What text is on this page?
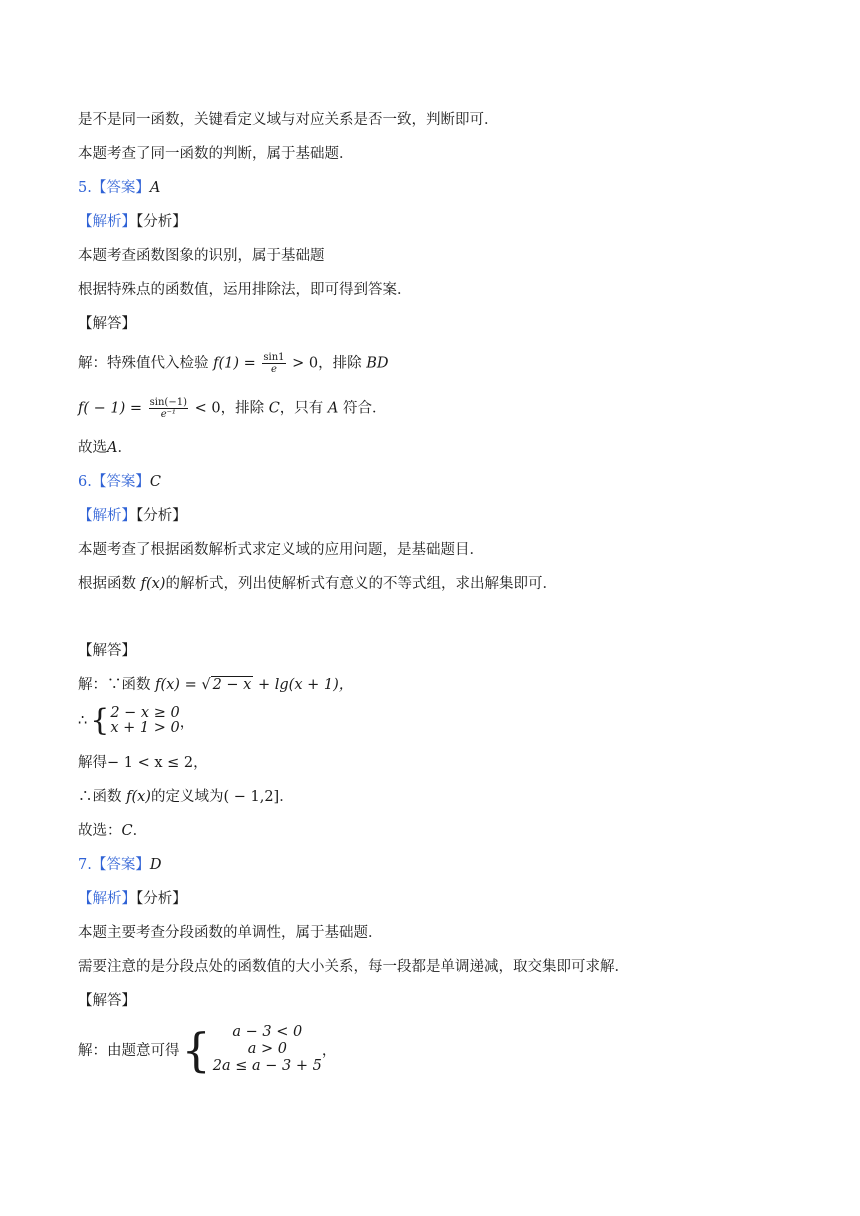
是不是同一函数，关键看定义域与对应关系是否一致，判断即可．
本题考查了同一函数的判断，属于基础题．
5.【答案】A
【解析】【分析】
本题考查函数图象的识别，属于基础题
根据特殊点的函数值，运用排除法，即可得到答案．
【解答】
解：特殊值代入检验 $f(1) = \frac{\sin 1}{e} > 0$，排除 BD
$f( - 1) = \frac{\sin(-1)}{\text{e⁻¹}} < 0$，排除 C，只有 A 符合．
故选A．
6.【答案】C
【解析】【分析】
本题考查了根据函数解析式求定义域的应用问题，是基础题目．
根据函数 f(x)的解析式，列出使解析式有意义的不等式组，求出解集即可．
【解答】
解：∵函数 f(x) = √ 2 − x + lg(x + 1)，
∴ { 2 − x ≥ 0
x + 1 > 0 ，
解得− 1 < x ≤ 2，
∴函数 f(x)的定义域为( − 1,2]．
故选：C．
7.【答案】D
【解析】【分析】
本题主要考查分段函数的单调性，属于基础题．
需要注意的是分段点处的函数值的大小关系，每一段都是单调递减，取交集即可求解．
【解答】
解：由题意可得 {	a − 3 < 0
a > 0
2a ≤ a − 3 + 5
，
